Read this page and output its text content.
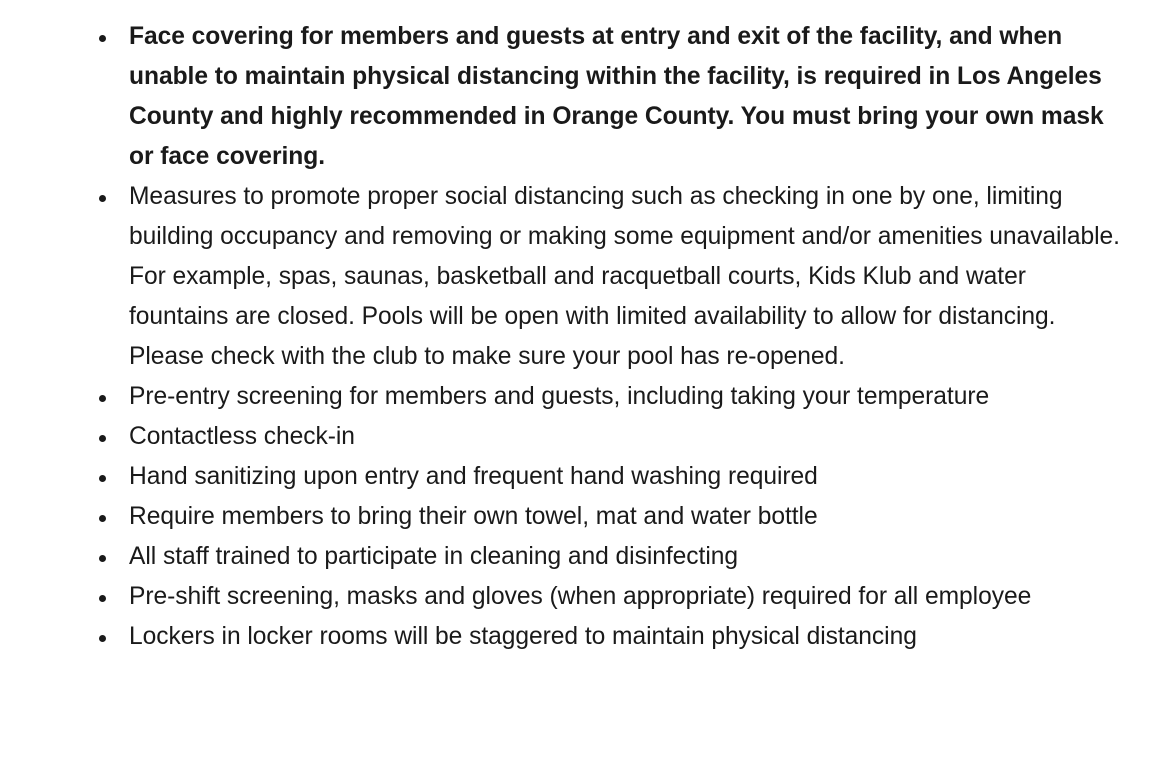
Face covering for members and guests at entry and exit of the facility, and when unable to maintain physical distancing within the facility, is required in Los Angeles County and highly recommended in Orange County. You must bring your own mask or face covering.
Measures to promote proper social distancing such as checking in one by one, limiting building occupancy and removing or making some equipment and/or amenities unavailable. For example, spas, saunas, basketball and racquetball courts, Kids Klub and water fountains are closed. Pools will be open with limited availability to allow for distancing. Please check with the club to make sure your pool has re-opened.
Pre-entry screening for members and guests, including taking your temperature
Contactless check-in
Hand sanitizing upon entry and frequent hand washing required
Require members to bring their own towel, mat and water bottle
All staff trained to participate in cleaning and disinfecting
Pre-shift screening, masks and gloves (when appropriate) required for all employee
Lockers in locker rooms will be staggered to maintain physical distancing
